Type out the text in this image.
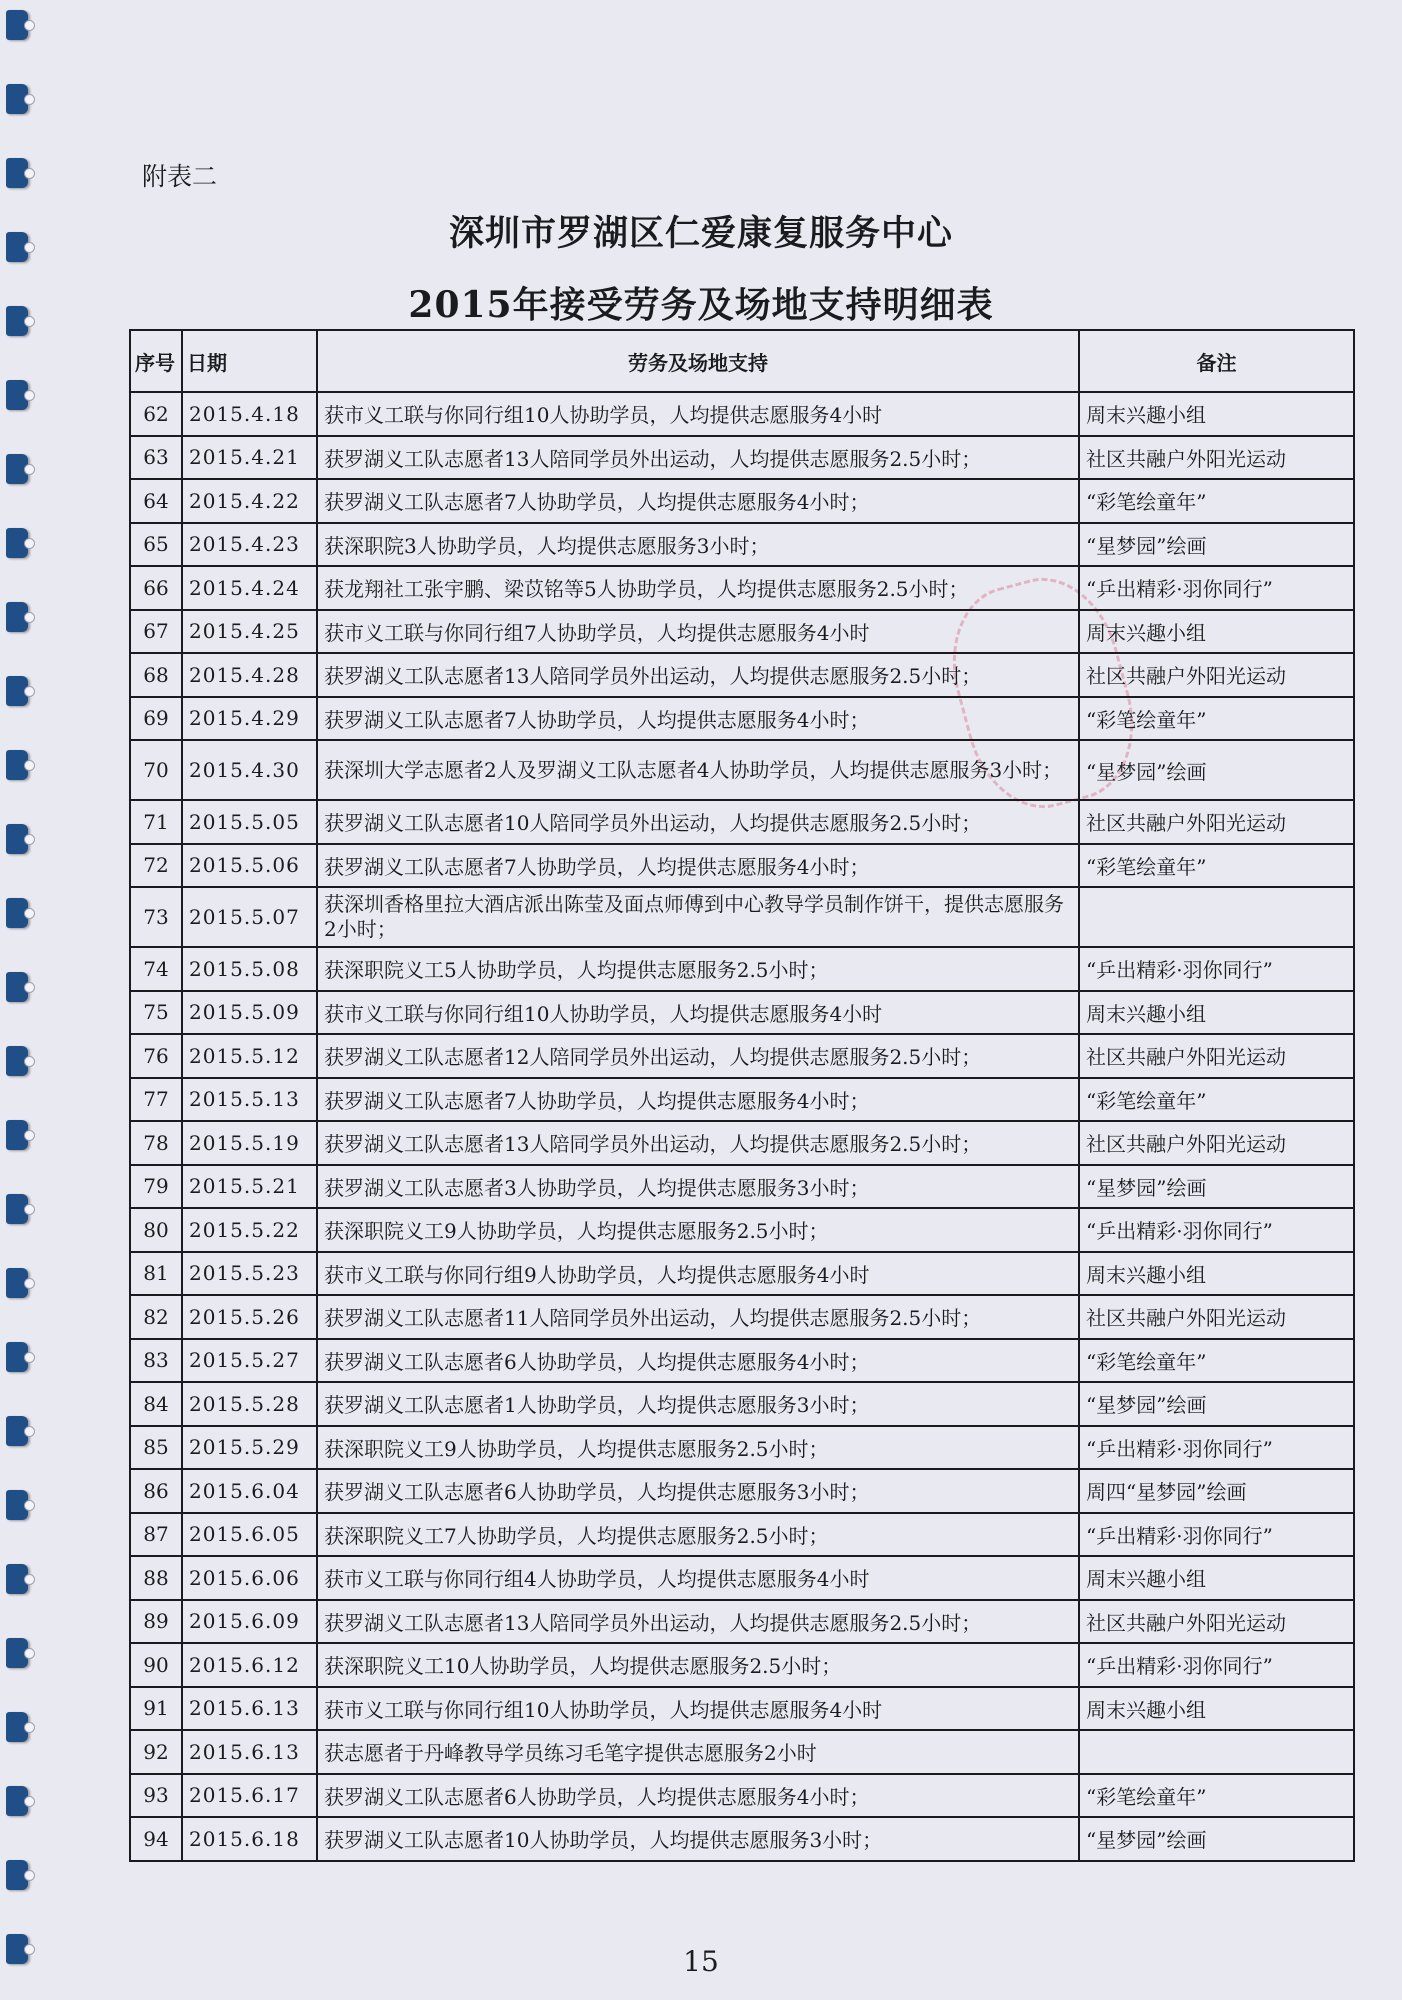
附表二
深圳市罗湖区仁爱康复服务中心
2015年接受劳务及场地支持明细表
序号	日期	劳务及场地支持	备注
62	2015.4.18	获市义工联与你同行组10人协助学员，人均提供志愿服务4小时	周末兴趣小组
63	2015.4.21	获罗湖义工队志愿者13人陪同学员外出运动，人均提供志愿服务2.5小时；	社区共融户外阳光运动
64	2015.4.22	获罗湖义工队志愿者7人协助学员，人均提供志愿服务4小时；	“彩笔绘童年”
65	2015.4.23	获深职院3人协助学员，人均提供志愿服务3小时；	“星梦园”绘画
66	2015.4.24	获龙翔社工张宇鹏、梁苡铭等5人协助学员，人均提供志愿服务2.5小时；	“乒出精彩·羽你同行”
67	2015.4.25	获市义工联与你同行组7人协助学员，人均提供志愿服务4小时	周末兴趣小组
68	2015.4.28	获罗湖义工队志愿者13人陪同学员外出运动，人均提供志愿服务2.5小时；	社区共融户外阳光运动
69	2015.4.29	获罗湖义工队志愿者7人协助学员，人均提供志愿服务4小时；	“彩笔绘童年”
70	2015.4.30	获深圳大学志愿者2人及罗湖义工队志愿者4人协助学员，人均提供志愿服务3小时；	“星梦园”绘画
71	2015.5.05	获罗湖义工队志愿者10人陪同学员外出运动，人均提供志愿服务2.5小时；	社区共融户外阳光运动
72	2015.5.06	获罗湖义工队志愿者7人协助学员，人均提供志愿服务4小时；	“彩笔绘童年”
73	2015.5.07	获深圳香格里拉大酒店派出陈莹及面点师傅到中心教导学员制作饼干，提供志愿服务2小时；	
74	2015.5.08	获深职院义工5人协助学员，人均提供志愿服务2.5小时；	“乒出精彩·羽你同行”
75	2015.5.09	获市义工联与你同行组10人协助学员，人均提供志愿服务4小时	周末兴趣小组
76	2015.5.12	获罗湖义工队志愿者12人陪同学员外出运动，人均提供志愿服务2.5小时；	社区共融户外阳光运动
77	2015.5.13	获罗湖义工队志愿者7人协助学员，人均提供志愿服务4小时；	“彩笔绘童年”
78	2015.5.19	获罗湖义工队志愿者13人陪同学员外出运动，人均提供志愿服务2.5小时；	社区共融户外阳光运动
79	2015.5.21	获罗湖义工队志愿者3人协助学员，人均提供志愿服务3小时；	“星梦园”绘画
80	2015.5.22	获深职院义工9人协助学员，人均提供志愿服务2.5小时；	“乒出精彩·羽你同行”
81	2015.5.23	获市义工联与你同行组9人协助学员，人均提供志愿服务4小时	周末兴趣小组
82	2015.5.26	获罗湖义工队志愿者11人陪同学员外出运动，人均提供志愿服务2.5小时；	社区共融户外阳光运动
83	2015.5.27	获罗湖义工队志愿者6人协助学员，人均提供志愿服务4小时；	“彩笔绘童年”
84	2015.5.28	获罗湖义工队志愿者1人协助学员，人均提供志愿服务3小时；	“星梦园”绘画
85	2015.5.29	获深职院义工9人协助学员，人均提供志愿服务2.5小时；	“乒出精彩·羽你同行”
86	2015.6.04	获罗湖义工队志愿者6人协助学员，人均提供志愿服务3小时；	周四“星梦园”绘画
87	2015.6.05	获深职院义工7人协助学员，人均提供志愿服务2.5小时；	“乒出精彩·羽你同行”
88	2015.6.06	获市义工联与你同行组4人协助学员，人均提供志愿服务4小时	周末兴趣小组
89	2015.6.09	获罗湖义工队志愿者13人陪同学员外出运动，人均提供志愿服务2.5小时；	社区共融户外阳光运动
90	2015.6.12	获深职院义工10人协助学员，人均提供志愿服务2.5小时；	“乒出精彩·羽你同行”
91	2015.6.13	获市义工联与你同行组10人协助学员，人均提供志愿服务4小时	周末兴趣小组
92	2015.6.13	获志愿者于丹峰教导学员练习毛笔字提供志愿服务2小时	
93	2015.6.17	获罗湖义工队志愿者6人协助学员，人均提供志愿服务4小时；	“彩笔绘童年”
94	2015.6.18	获罗湖义工队志愿者10人协助学员，人均提供志愿服务3小时；	“星梦园”绘画
15
